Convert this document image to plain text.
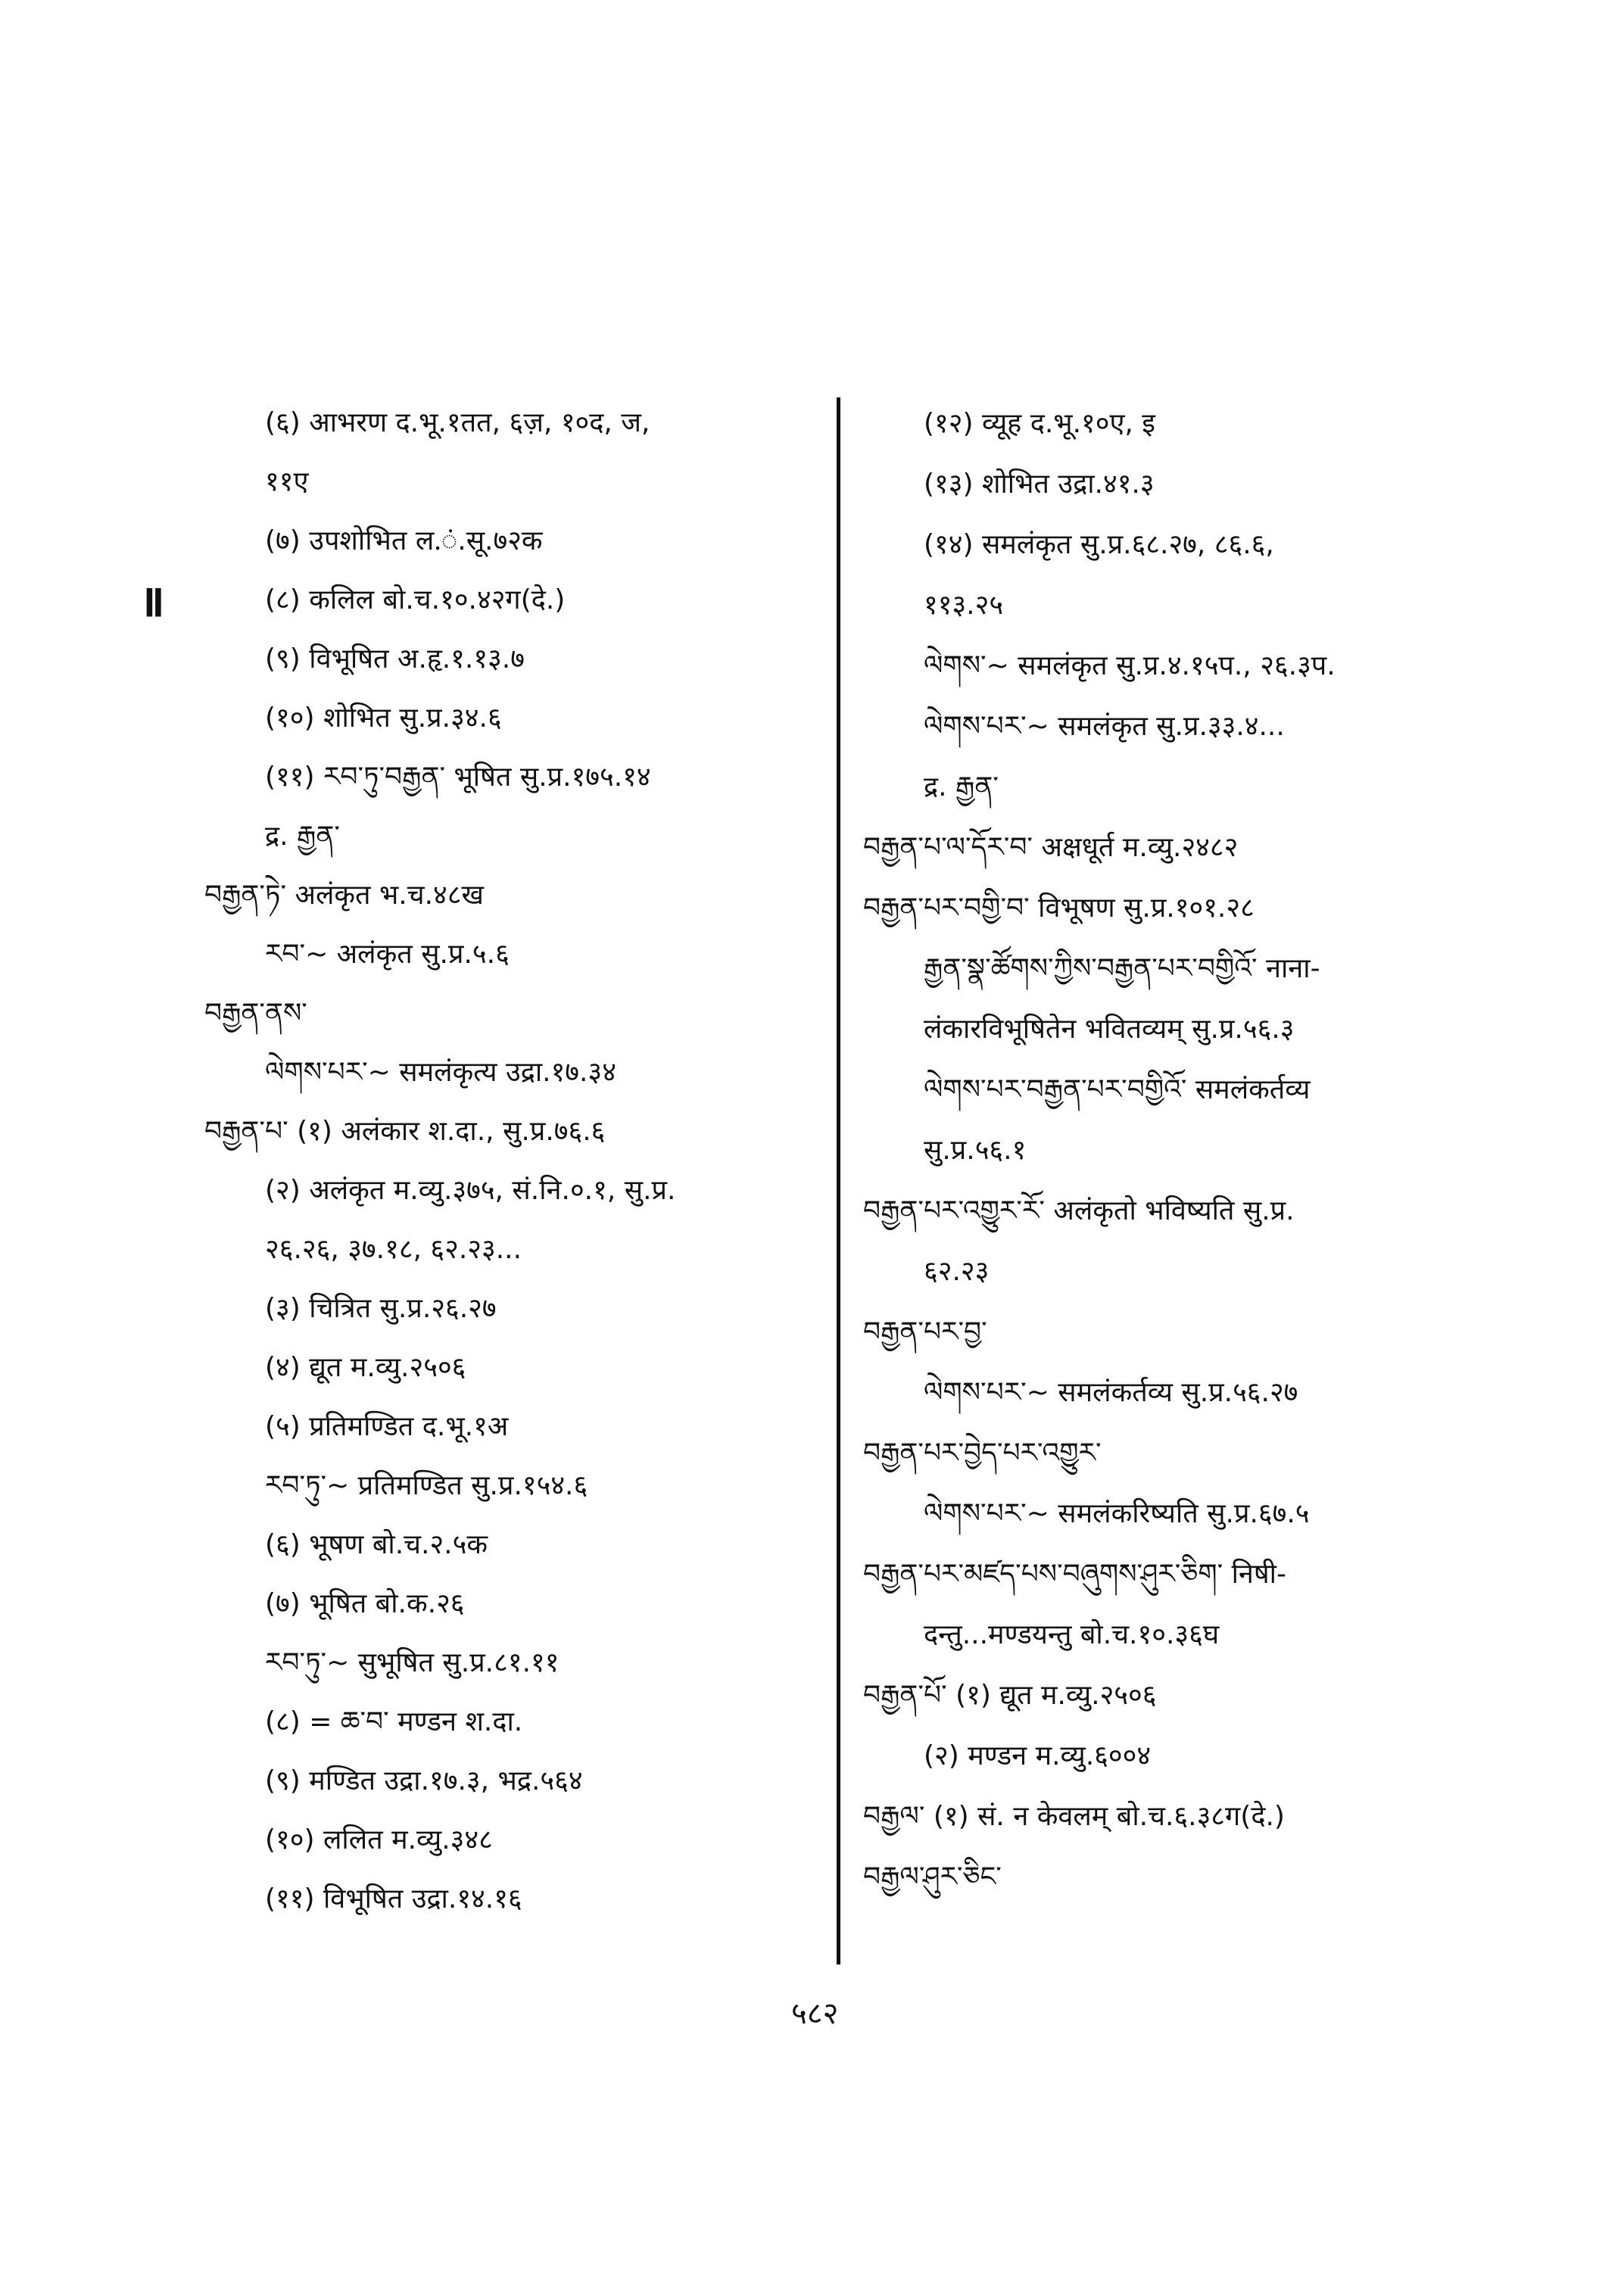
ǁ
(६) आभरण द.भू.१तत, ६ज़, १०द, ज,
११ए
(७) उपशोभित ल.ं.सू.७२क
(८) कलिल बो.च.१०.४२ग(दे.)
(९) विभूषित अ.हृ.१.१३.७
(१०) शोभित सु.प्र.३४.६
(११) རབ་ཏུ་བརྒྱན་ भूषित सु.प्र.१७५.१४
द्र. རྒྱན་
བརྒྱན་ཏེ་ अलंकृत भ.च.४८ख
རབ་~ अलंकृत सु.प्र.५.६
བརྒྱན་ནས་
ལེགས་པར་~ समलंकृत्य उद्रा.१७.३४
བརྒྱན་པ་ (१) अलंकार श.दा., सु.प्र.७६.६
(२) अलंकृत म.व्यु.३७५, सं.नि.०.१, सु.प्र.
२६.२६, ३७.१८, ६२.२३...
(३) चित्रित सु.प्र.२६.२७
(४) द्यूत म.व्यु.२५०६
(५) प्रतिमण्डित द.भू.१अ
རབ་ཏུ་~ प्रतिमण्डित सु.प्र.१५४.६
(६) भूषण बो.च.२.५क
(७) भूषित बो.क.२६
རབ་ཏུ་~ सुभूषित सु.प्र.८१.११
(८) = ཆ་བ་ मण्डन श.दा.
(९) मण्डित उद्रा.१७.३, भद्र.५६४
(१०) ललित म.व्यु.३४८
(११) विभूषित उद्रा.१४.१६
(१२) व्यूह द.भू.१०ए, इ
(१३) शोभित उद्रा.४१.३
(१४) समलंकृत सु.प्र.६८.२७, ८६.६,
११३.२५
ལེགས་~ समलंकृत सु.प्र.४.१५प., २६.३प.
ལེགས་པར་~ समलंकृत सु.प्र.३३.४...
द्र. རྒྱན་
བརྒྱན་པ་ལ་དོར་བ་ अक्षधूर्त म.व्यु.२४८२
བརྒྱན་པར་བགྱི་བ་ विभूषण सु.प्र.१०१.२८
རྒྱན་སྣ་ཚོགས་ཀྱིས་བརྒྱན་པར་བགྱིའོ་ नाना-
लंकारविभूषितेन भवितव्यम् सु.प्र.५६.३
ལེགས་པར་བརྒྱན་པར་བགྱིའོ་ समलंकर्तव्य
सु.प्र.५६.१
བརྒྱན་པར་འགྱུར་རོ་ अलंकृतो भविष्यति सु.प्र.
६२.२३
བརྒྱན་པར་བྱ་
ལེགས་པར་~ समलंकर्तव्य सु.प्र.५६.२७
བརྒྱན་པར་བྱེད་པར་འགྱུར་
ལེགས་པར་~ समलंकरिष्यति सु.प्र.६७.५
བརྒྱན་པར་མཛད་པས་བཞུགས་ཤུར་ཅིག་ निषी-
दन्तु...मण्डयन्तु बो.च.१०.३६घ
བརྒྱན་པོ་ (१) द्यूत म.व्यु.२५०६
(२) मण्डन म.व्यु.६००४
བརྒྱལ་ (१) सं. न केवलम् बो.च.६.३८ग(दे.)
བརྒྱལ་ཤུར་ཅིང་
५८२
